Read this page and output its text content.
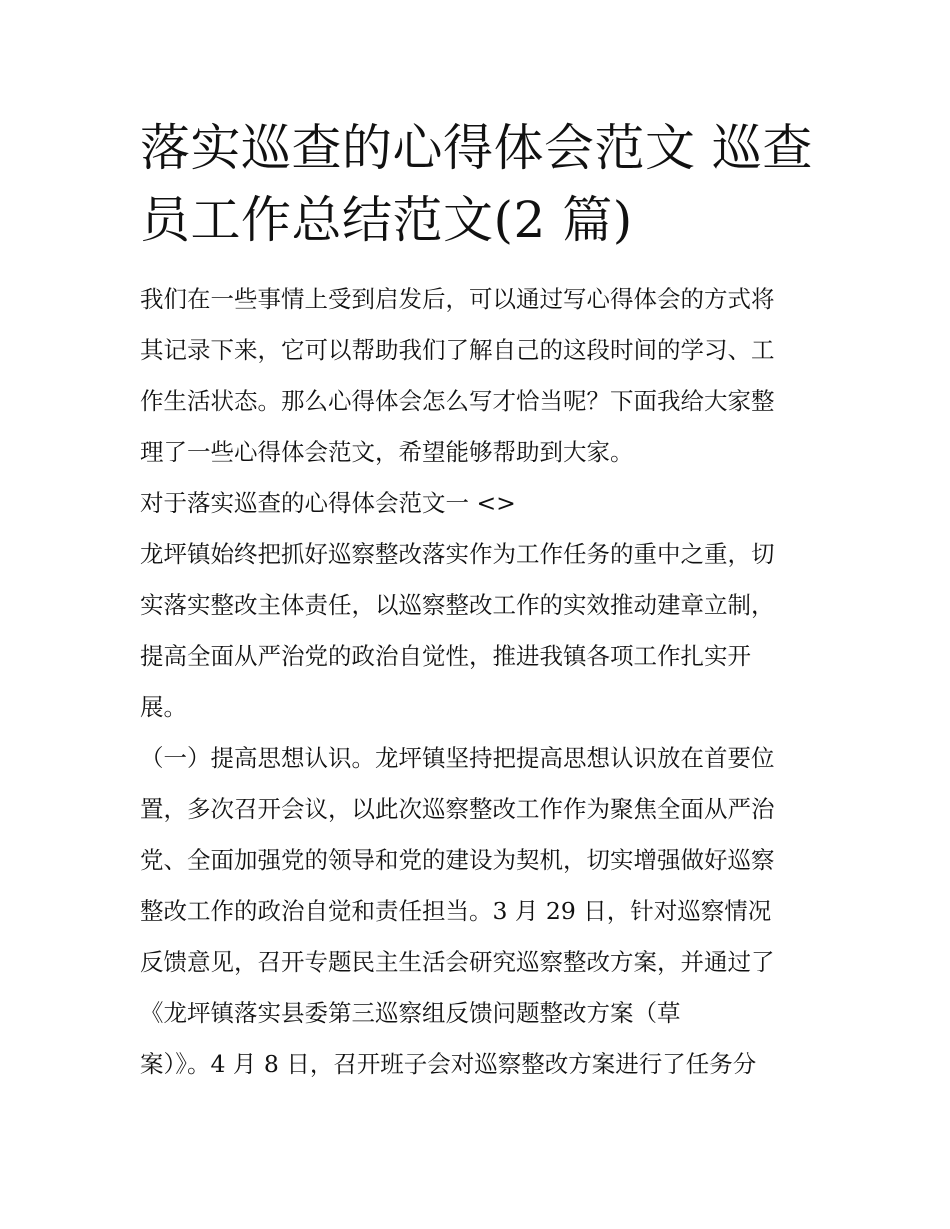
落实巡查的心得体会范文 巡查
员工作总结范文(2 篇)
我们在一些事情上受到启发后，可以通过写心得体会的方式将
其记录下来，它可以帮助我们了解自己的这段时间的学习、工
作生活状态。那么心得体会怎么写才恰当呢？下面我给大家整
理了一些心得体会范文，希望能够帮助到大家。
对于落实巡查的心得体会范文一 <>
龙坪镇始终把抓好巡察整改落实作为工作任务的重中之重，切
实落实整改主体责任，以巡察整改工作的实效推动建章立制，
提高全面从严治党的政治自觉性，推进我镇各项工作扎实开
展。
（一）提高思想认识。龙坪镇坚持把提高思想认识放在首要位
置，多次召开会议，以此次巡察整改工作作为聚焦全面从严治
党、全面加强党的领导和党的建设为契机，切实增强做好巡察
整改工作的政治自觉和责任担当。3 月 29 日，针对巡察情况
反馈意见，召开专题民主生活会研究巡察整改方案，并通过了
《龙坪镇落实县委第三巡察组反馈问题整改方案（草
案）》。4 月 8 日，召开班子会对巡察整改方案进行了任务分
